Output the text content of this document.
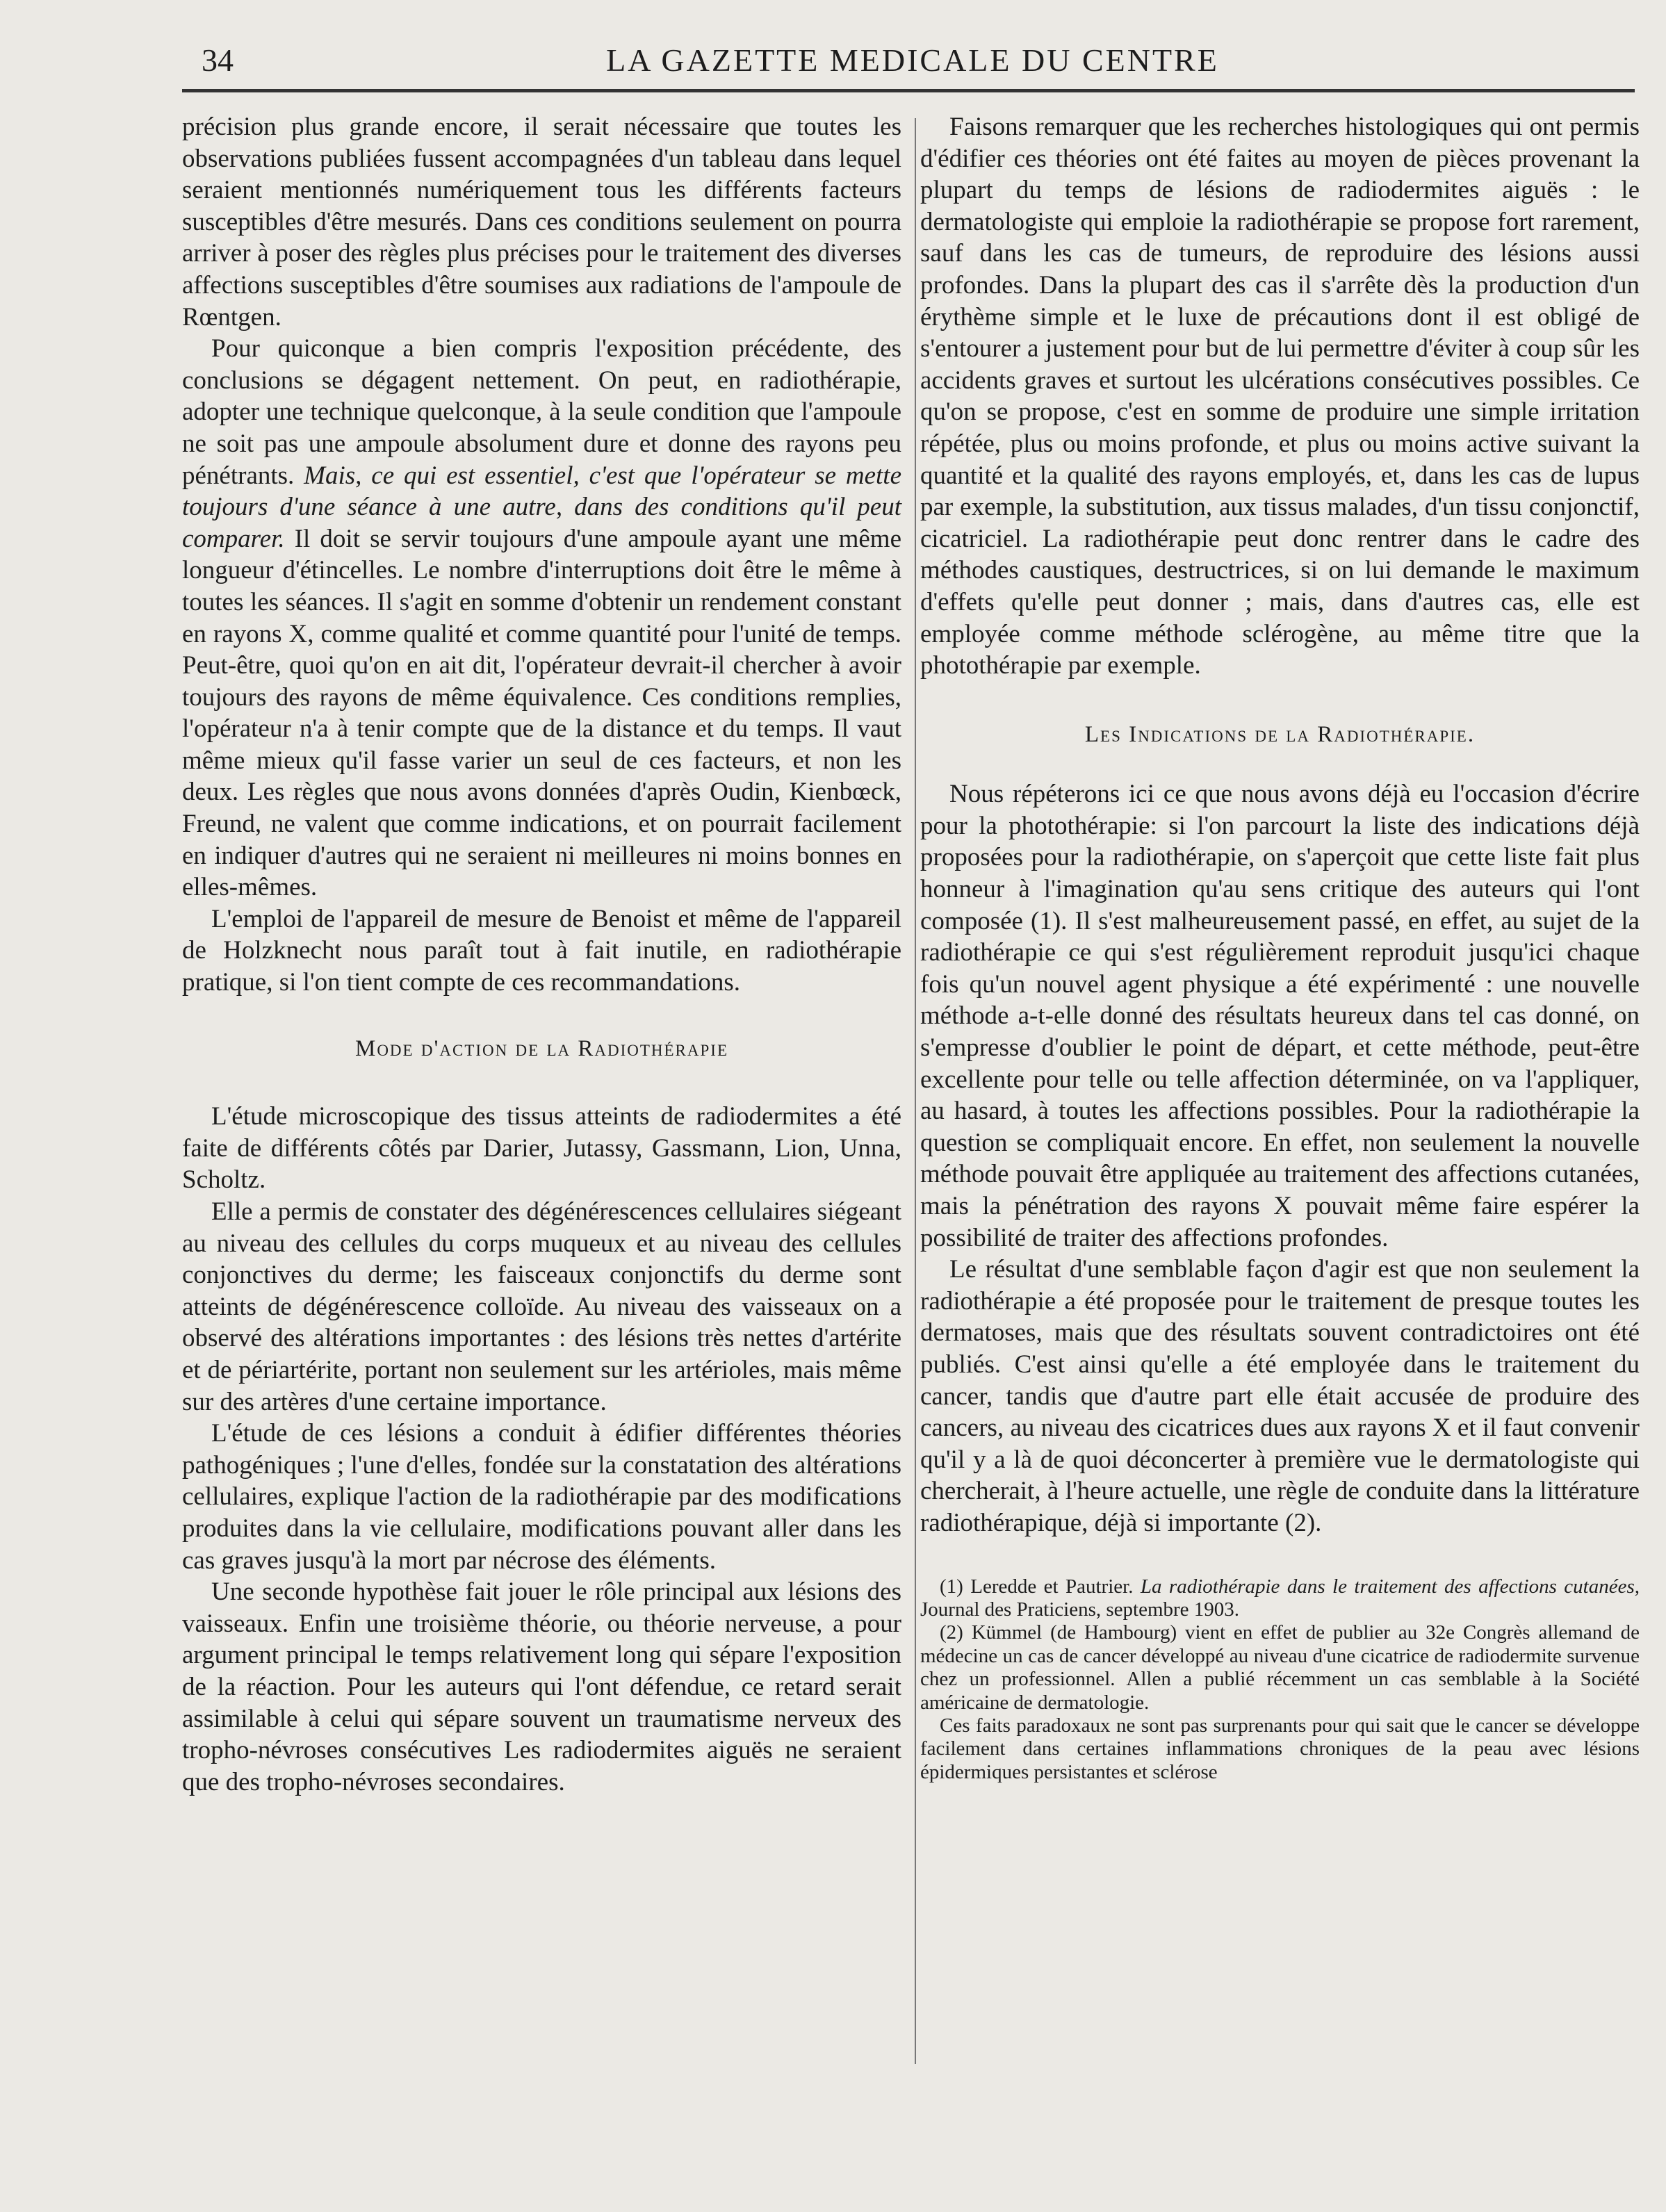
34	LA GAZETTE MEDICALE DU CENTRE

précision plus grande encore, il serait nécessaire que toutes les observations publiées fussent accompagnées d'un tableau dans lequel seraient mentionnés numériquement tous les différents facteurs susceptibles d'être mesurés. Dans ces conditions seulement on pourra arriver à poser des règles plus précises pour le traitement des diverses affections susceptibles d'être soumises aux radiations de l'ampoule de Rœntgen.

Pour quiconque a bien compris l'exposition précédente, des conclusions se dégagent nettement. On peut, en radiothérapie, adopter une technique quelconque, à la seule condition que l'ampoule ne soit pas une ampoule absolument dure et donne des rayons peu pénétrants. Mais, ce qui est essentiel, c'est que l'opérateur se mette toujours d'une séance à une autre, dans des conditions qu'il peut comparer. Il doit se servir toujours d'une ampoule ayant une même longueur d'étincelles. Le nombre d'interruptions doit être le même à toutes les séances. Il s'agit en somme d'obtenir un rendement constant en rayons X, comme qualité et comme quantité pour l'unité de temps. Peut-être, quoi qu'on en ait dit, l'opérateur devrait-il chercher à avoir toujours des rayons de même équivalence. Ces conditions remplies, l'opérateur n'a à tenir compte que de la distance et du temps. Il vaut même mieux qu'il fasse varier un seul de ces facteurs, et non les deux. Les règles que nous avons données d'après Oudin, Kienbœck, Freund, ne valent que comme indications, et on pourrait facilement en indiquer d'autres qui ne seraient ni meilleures ni moins bonnes en elles-mêmes.

L'emploi de l'appareil de mesure de Benoist et même de l'appareil de Holzknecht nous paraît tout à fait inutile, en radiothérapie pratique, si l'on tient compte de ces recommandations.

Mode d'action de la Radiothérapie

L'étude microscopique des tissus atteints de radiodermites a été faite de différents côtés par Darier, Jutassy, Gassmann, Lion, Unna, Scholtz.

Elle a permis de constater des dégénérescences cellulaires siégeant au niveau des cellules du corps muqueux et au niveau des cellules conjonctives du derme; les faisceaux conjonctifs du derme sont atteints de dégénérescence colloïde. Au niveau des vaisseaux on a observé des altérations importantes : des lésions très nettes d'artérite et de périartérite, portant non seulement sur les artérioles, mais même sur des artères d'une certaine importance.

L'étude de ces lésions a conduit à édifier différentes théories pathogéniques ; l'une d'elles, fondée sur la constatation des altérations cellulaires, explique l'action de la radiothérapie par des modifications produites dans la vie cellulaire, modifications pouvant aller dans les cas graves jusqu'à la mort par nécrose des éléments.

Une seconde hypothèse fait jouer le rôle principal aux lésions des vaisseaux. Enfin une troisième théorie, ou théorie nerveuse, a pour argument principal le temps relativement long qui sépare l'exposition de la réaction. Pour les auteurs qui l'ont défendue, ce retard serait assimilable à celui qui sépare souvent un traumatisme nerveux des tropho-névroses consécutives Les radiodermites aiguës ne seraient que des tropho-névroses secondaires.

Faisons remarquer que les recherches histologiques qui ont permis d'édifier ces théories ont été faites au moyen de pièces provenant la plupart du temps de lésions de radiodermites aiguës : le dermatologiste qui emploie la radiothérapie se propose fort rarement, sauf dans les cas de tumeurs, de reproduire des lésions aussi profondes. Dans la plupart des cas il s'arrête dès la production d'un érythème simple et le luxe de précautions dont il est obligé de s'entourer a justement pour but de lui permettre d'éviter à coup sûr les accidents graves et surtout les ulcérations consécutives possibles. Ce qu'on se propose, c'est en somme de produire une simple irritation répétée, plus ou moins profonde, et plus ou moins active suivant la quantité et la qualité des rayons employés, et, dans les cas de lupus par exemple, la substitution, aux tissus malades, d'un tissu conjonctif, cicatriciel. La radiothérapie peut donc rentrer dans le cadre des méthodes caustiques, destructrices, si on lui demande le maximum d'effets qu'elle peut donner ; mais, dans d'autres cas, elle est employée comme méthode sclérogène, au même titre que la photothérapie par exemple.

Les Indications de la Radiothérapie.

Nous répéterons ici ce que nous avons déjà eu l'occasion d'écrire pour la photothérapie: si l'on parcourt la liste des indications déjà proposées pour la radiothérapie, on s'aperçoit que cette liste fait plus honneur à l'imagination qu'au sens critique des auteurs qui l'ont composée (1). Il s'est malheureusement passé, en effet, au sujet de la radiothérapie ce qui s'est régulièrement reproduit jusqu'ici chaque fois qu'un nouvel agent physique a été expérimenté : une nouvelle méthode a-t-elle donné des résultats heureux dans tel cas donné, on s'empresse d'oublier le point de départ, et cette méthode, peut-être excellente pour telle ou telle affection déterminée, on va l'appliquer, au hasard, à toutes les affections possibles. Pour la radiothérapie la question se compliquait encore. En effet, non seulement la nouvelle méthode pouvait être appliquée au traitement des affections cutanées, mais la pénétration des rayons X pouvait même faire espérer la possibilité de traiter des affections profondes.

Le résultat d'une semblable façon d'agir est que non seulement la radiothérapie a été proposée pour le traitement de presque toutes les dermatoses, mais que des résultats souvent contradictoires ont été publiés. C'est ainsi qu'elle a été employée dans le traitement du cancer, tandis que d'autre part elle était accusée de produire des cancers, au niveau des cicatrices dues aux rayons X et il faut convenir qu'il y a là de quoi déconcerter à première vue le dermatologiste qui chercherait, à l'heure actuelle, une règle de conduite dans la littérature radiothérapique, déjà si importante (2).

(1) Leredde et Pautrier. La radiothérapie dans le traitement des affections cutanées, Journal des Praticiens, septembre 1903.

(2) Kümmel (de Hambourg) vient en effet de publier au 32e Congrès allemand de médecine un cas de cancer développé au niveau d'une cicatrice de radiodermite survenue chez un professionnel. Allen a publié récemment un cas semblable à la Société américaine de dermatologie.

Ces faits paradoxaux ne sont pas surprenants pour qui sait que le cancer se développe facilement dans certaines inflammations chroniques de la peau avec lésions épidermiques persistantes et sclérose
